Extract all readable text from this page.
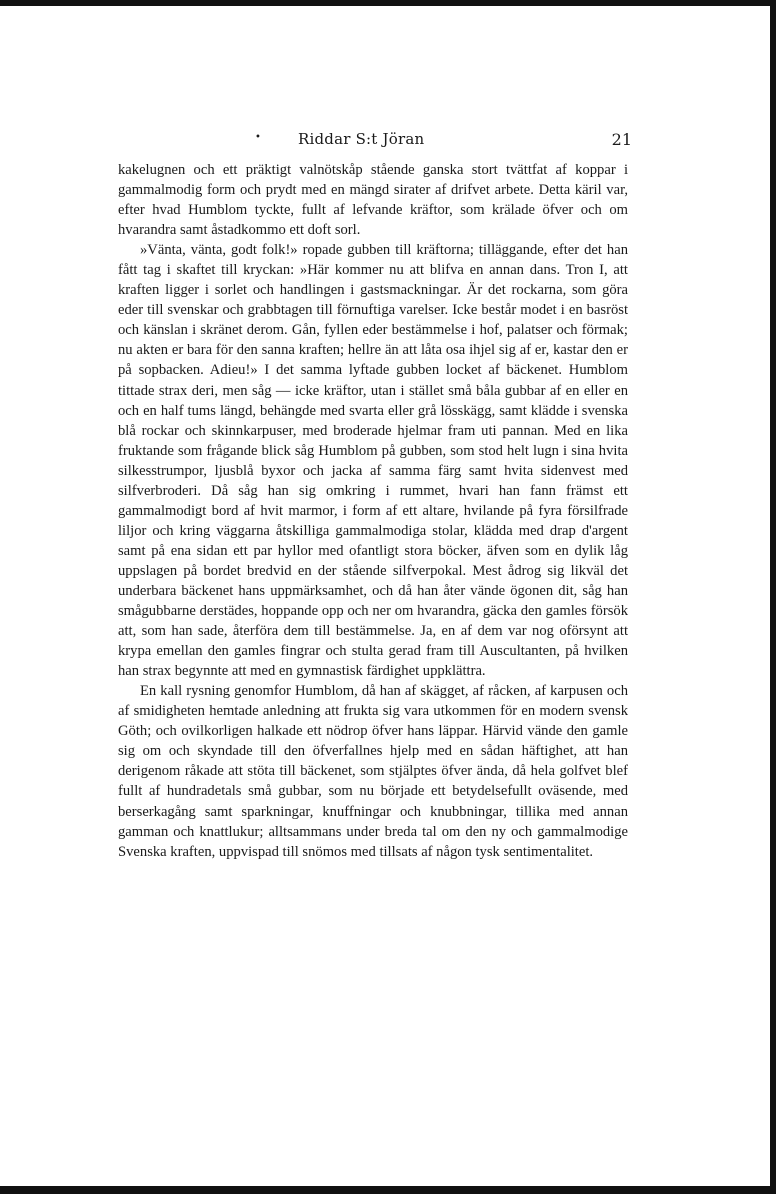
• Riddar S:t Jöran	21

kakelugnen och ett präktigt valnötskåp stående ganska stort tvättfat af koppar i gammalmodig form och prydt med en mängd sirater af drifvet arbete. Detta käril var, efter hvad Humblom tyckte, fullt af lefvande kräftor, som krälade öfver och om hvarandra samt åstadkommo ett doft sorl.

»Vänta, vänta, godt folk!» ropade gubben till kräftorna; tilläggande, efter det han fått tag i skaftet till kryckan: »Här kommer nu att blifva en annan dans. Tron I, att kraften ligger i sorlet och handlingen i gastsmackningar. Är det rockarna, som göra eder till svenskar och grabbtagen till förnuftiga varelser. Icke består modet i en basröst och känslan i skränet derom. Gån, fyllen eder bestämmelse i hof, palatser och förmak; nu akten er bara för den sanna kraften; hellre än att låta osa ihjel sig af er, kastar den er på sopbacken. Adieu!» I det samma lyftade gubben locket af bäckenet. Humblom tittade strax deri, men såg — icke kräftor, utan i stället små båla gubbar af en eller en och en half tums längd, behängde med svarta eller grå lösskägg, samt klädde i svenska blå rockar och skinnkarpuser, med broderade hjelmar fram uti pannan. Med en lika fruktande som frågande blick såg Humblom på gubben, som stod helt lugn i sina hvita silkesstrumpor, ljusblå byxor och jacka af samma färg samt hvita sidenvest med silfverbroderi. Då såg han sig omkring i rummet, hvari han fann främst ett gammalmodigt bord af hvit marmor, i form af ett altare, hvilande på fyra försilfrade liljor och kring väggarna åtskilliga gammalmodiga stolar, klädda med drap d'argent samt på ena sidan ett par hyllor med ofantligt stora böcker, äfven som en dylik låg uppslagen på bordet bredvid en der stående silfverpokal. Mest ådrog sig likväl det underbara bäckenet hans uppmärksamhet, och då han åter vände ögonen dit, såg han smågubbarne derstädes, hoppande opp och ner om hvarandra, gäcka den gamles försök att, som han sade, återföra dem till bestämmelse. Ja, en af dem var nog oförsynt att krypa emellan den gamles fingrar och stulta gerad fram till Auscultanten, på hvilken han strax begynnte att med en gymnastisk färdighet uppklättra.

En kall rysning genomfor Humblom, då han af skägget, af råcken, af karpusen och af smidigheten hemtade anledning att frukta sig vara utkommen för en modern svensk Göth; och ovilkorligen halkade ett nödrop öfver hans läppar. Härvid vände den gamle sig om och skyndade till den öfverfallnes hjelp med en sådan häftighet, att han derigenom råkade att stöta till bäckenet, som stjälptes öfver ända, då hela golfvet blef fullt af hundradetals små gubbar, som nu började ett betydelsefullt oväsende, med berserkagång samt sparkningar, knuffningar och knubbningar, tillika med annan gamman och knattlukur; alltsammans under breda tal om den ny och gammalmodige Svenska kraften, uppvispad till snömos med tillsats af någon tysk sentimentalitet.
